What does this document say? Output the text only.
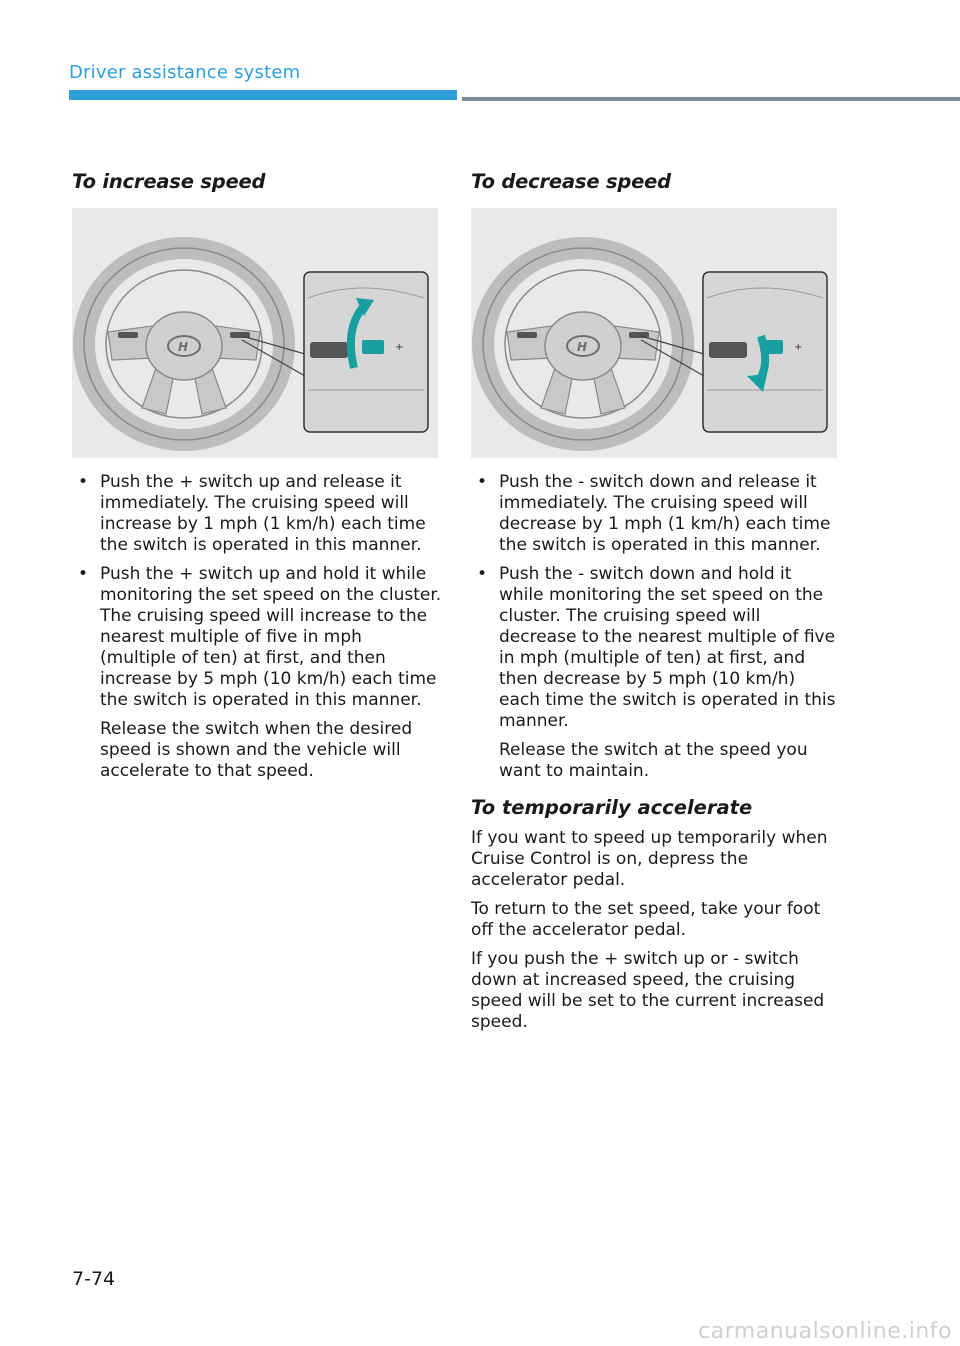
Driver assistance system
To increase speed
H	+
• Push the + switch up and release it immediately. The cruising speed will increase by 1 mph (1 km/h) each time the switch is operated in this manner.
• Push the + switch up and hold it while monitoring the set speed on the cluster. The cruising speed will increase to the nearest multiple of five in mph (multiple of ten) at first, and then increase by 5 mph (10 km/h) each time the switch is operated in this manner.

Release the switch when the desired speed is shown and the vehicle will accelerate to that speed.

To decrease speed
H	+
• Push the - switch down and release it immediately. The cruising speed will decrease by 1 mph (1 km/h) each time the switch is operated in this manner.
• Push the - switch down and hold it while monitoring the set speed on the cluster. The cruising speed will decrease to the nearest multiple of five in mph (multiple of ten) at first, and then decrease by 5 mph (10 km/h) each time the switch is operated in this manner.

Release the switch at the speed you want to maintain.

To temporarily accelerate

If you want to speed up temporarily when Cruise Control is on, depress the accelerator pedal.

To return to the set speed, take your foot off the accelerator pedal.

If you push the + switch up or - switch down at increased speed, the cruising speed will be set to the current increased speed.

7-74
carmanualsonline.info
